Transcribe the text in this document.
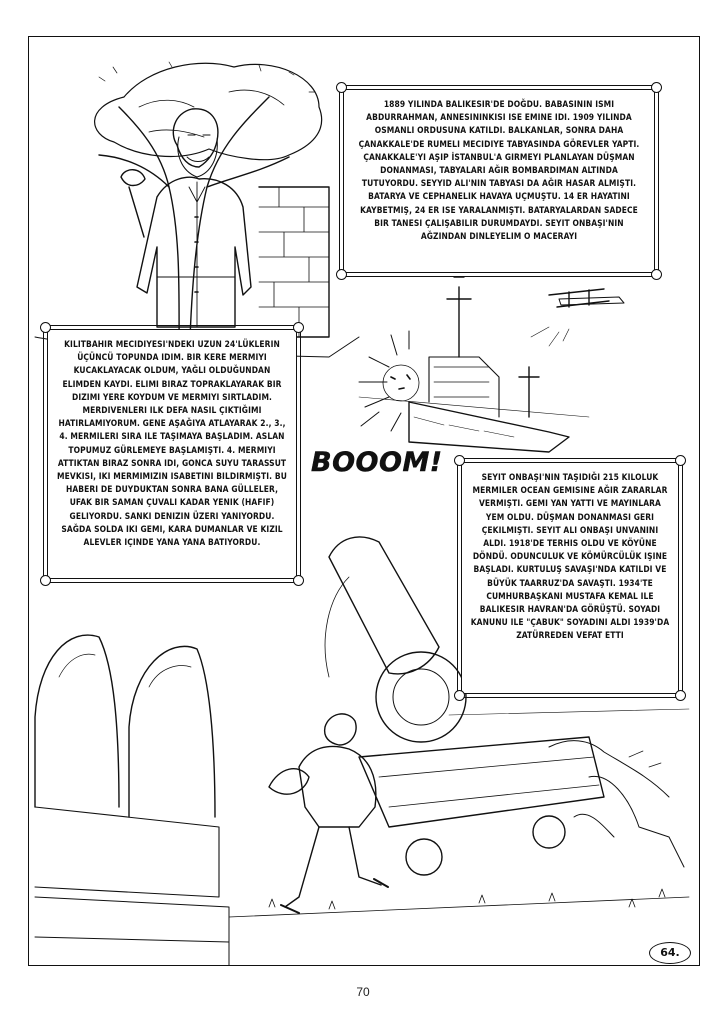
1889 YILINDA BALIKESIR'DE DOĞDU. BABASININ ISMI ABDURRAHMAN, ANNESININKISI ISE EMINE IDI. 1909 YILINDA OSMANLI ORDUSUNA KATILDI. BALKANLAR, SONRA DAHA ÇANAKKALE'DE RUMELI MECIDIYE TABYASINDA GÖREVLER YAPTI. ÇANAKKALE'YI AŞIP İSTANBUL'A GIRMEYI PLANLAYAN DÜŞMAN DONANMASI, TABYALARI AĞIR BOMBARDIMAN ALTINDA TUTUYORDU. SEYYID ALI'NIN TABYASI DA AĞIR HASAR ALMIŞTI. BATARYA VE CEPHANELIK HAVAYA UÇMUŞTU. 14 ER HAYATINI KAYBETMIŞ, 24 ER ISE YARALANMIŞTI. BATARYALARDAN SADECE BIR TANESI ÇALIŞABILIR DURUMDAYDI. SEYIT ONBAŞI'NIN AĞZINDAN DINLEYELIM O MACERAYI
KILITBAHIR MECIDIYESI'NDEKI UZUN 24'LÜKLERIN ÜÇÜNCÜ TOPUNDA IDIM. BIR KERE MERMIYI KUCAKLAYACAK OLDUM, YAĞLI OLDUĞUNDAN ELIMDEN KAYDI. ELIMI BIRAZ TOPRAKLAYARAK BIR DIZIMI YERE KOYDUM VE MERMIYI SIRTLADIM. MERDIVENLERI ILK DEFA NASIL ÇIKTIĞIMI HATIRLAMIYORUM. GENE AŞAĞIYA ATLAYARAK 2., 3., 4. MERMILERI SIRA ILE TAŞIMAYA BAŞLADIM. ASLAN TOPUMUZ GÜRLEMEYE BAŞLAMIŞTI. 4. MERMIYI ATTIKTAN BIRAZ SONRA IDI, GONCA SUYU TARASSUT MEVKISI, IKI MERMIMIZIN ISABETINI BILDIRMIŞTI. BU HABERI DE DUYDUKTAN SONRA BANA GÜLLELER, UFAK BIR SAMAN ÇUVALI KADAR YENIK (HAFIF) GELIYORDU. SANKI DENIZIN ÜZERI YANIYORDU. SAĞDA SOLDA IKI GEMI, KARA DUMANLAR VE KIZIL ALEVLER IÇINDE YANA YANA BATIYORDU.
SEYIT ONBAŞI'NIN TAŞIDIĞI 215 KILOLUK MERMILER OCEAN GEMISINE AĞIR ZARARLAR VERMIŞTI. GEMI YAN YATTI VE MAYINLARA YEM OLDU. DÜŞMAN DONANMASI GERI ÇEKILMIŞTI. SEYIT ALI ONBAŞI UNVANINI ALDI. 1918'DE TERHIS OLDU VE KÖYÜNE DÖNDÜ. ODUNCULUK VE KÖMÜRCÜLÜK IŞINE BAŞLADI. KURTULUŞ SAVAŞI'NDA KATILDI VE BÜYÜK TAARRUZ'DA SAVAŞTI. 1934'TE CUMHURBAŞKANI MUSTAFA KEMAL ILE BALIKESIR HAVRAN'DA GÖRÜŞTÜ. SOYADI KANUNU ILE "ÇABUK" SOYADINI ALDI 1939'DA ZATÜRREDEN VEFAT ETTI
BOOOM!
64.
70
